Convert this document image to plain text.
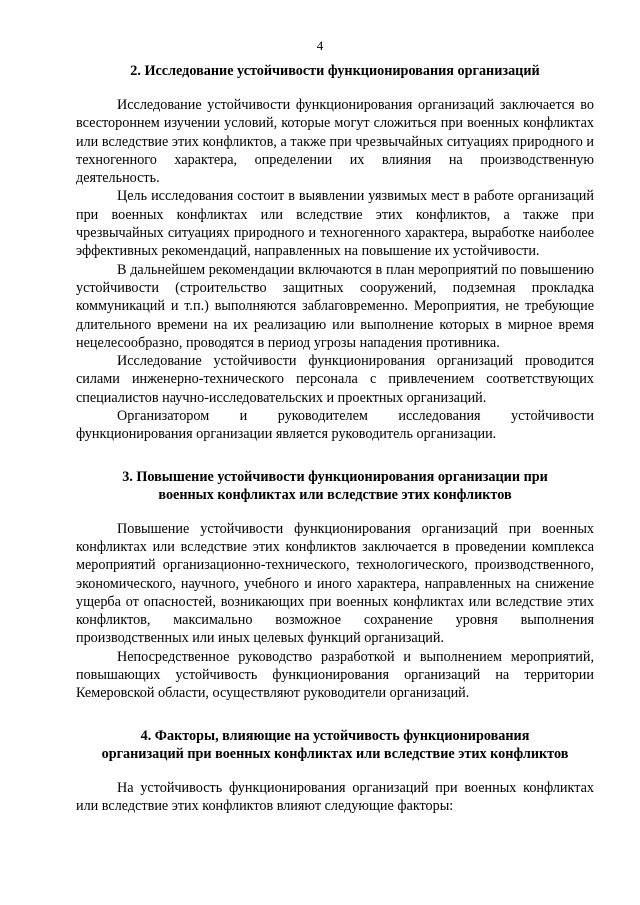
4
2. Исследование устойчивости функционирования организаций

Исследование устойчивости функционирования организаций заключается во всестороннем изучении условий, которые могут сложиться при военных конфликтах или вследствие этих конфликтов, а также при чрезвычайных ситуациях природного и техногенного характера, определении их влияния на производственную деятельность.

Цель исследования состоит в выявлении уязвимых мест в работе организаций при военных конфликтах или вследствие этих конфликтов, а также при чрезвычайных ситуациях природного и техногенного характера, выработке наиболее эффективных рекомендаций, направленных на повышение их устойчивости.

В дальнейшем рекомендации включаются в план мероприятий по повышению устойчивости (строительство защитных сооружений, подземная прокладка коммуникаций и т.п.) выполняются заблаговременно. Мероприятия, не требующие длительного времени на их реализацию или выполнение которых в мирное время нецелесообразно, проводятся в период угрозы нападения противника.

Исследование устойчивости функционирования организаций проводится силами инженерно-технического персонала с привлечением соответствующих специалистов научно-исследовательских и проектных организаций.

Организатором и руководителем исследования устойчивости функционирования организации является руководитель организации.

3. Повышение устойчивости функционирования организации при
военных конфликтах или вследствие этих конфликтов

Повышение устойчивости функционирования организаций при военных конфликтах или вследствие этих конфликтов заключается в проведении комплекса мероприятий организационно-технического, технологического, производственного, экономического, научного, учебного и иного характера, направленных на снижение ущерба от опасностей, возникающих при военных конфликтах или вследствие этих конфликтов, максимально возможное сохранение уровня выполнения производственных или иных целевых функций организаций.

Непосредственное руководство разработкой и выполнением мероприятий, повышающих устойчивость функционирования организаций на территории Кемеровской области, осуществляют руководители организаций.

4. Факторы, влияющие на устойчивость функционирования
организаций при военных конфликтах или вследствие этих конфликтов

На устойчивость функционирования организаций при военных конфликтах или вследствие этих конфликтов влияют следующие факторы:
